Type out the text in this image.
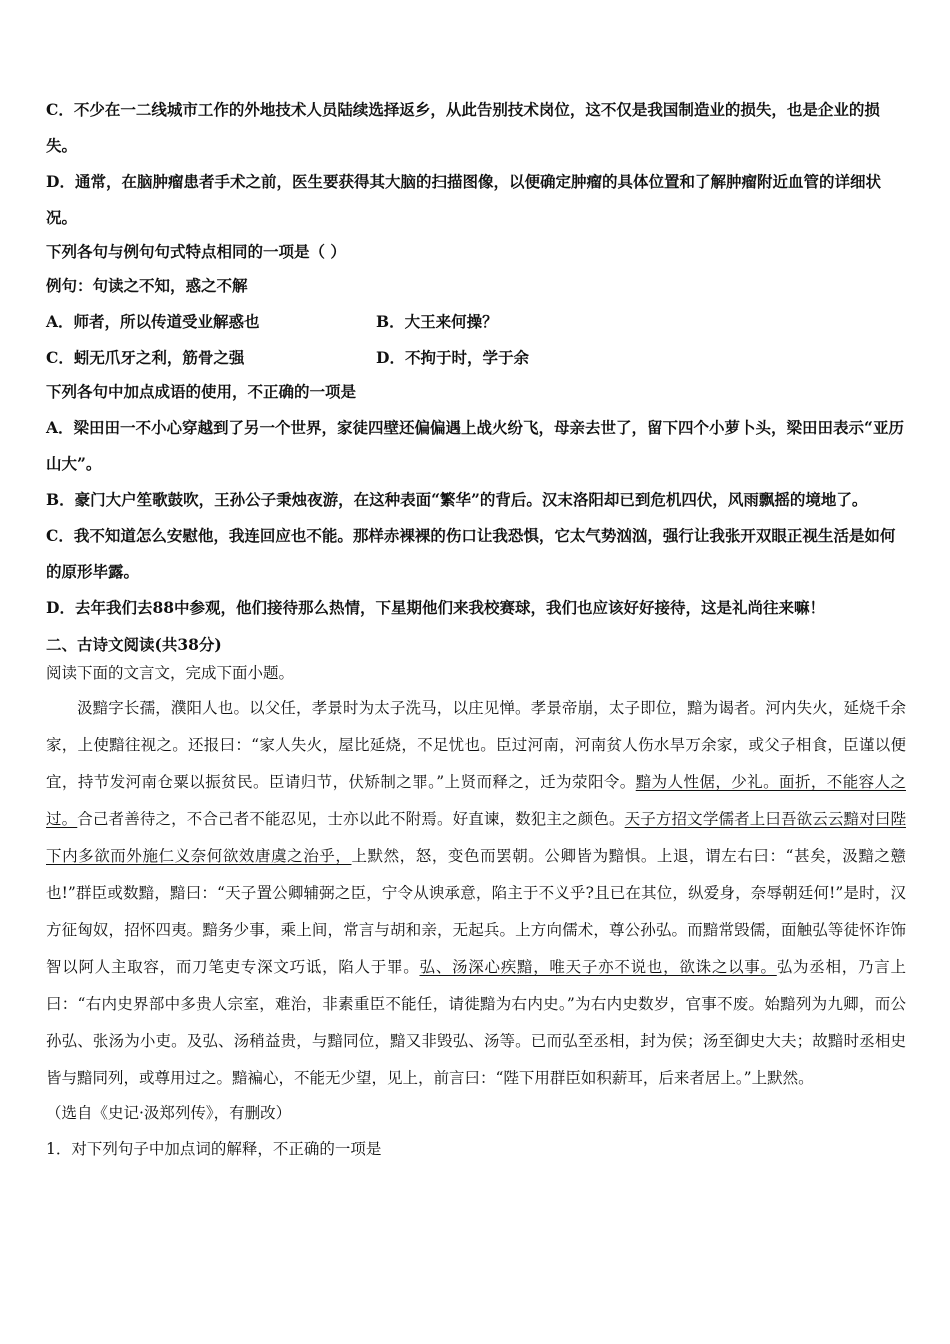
C．不少在一二线城市工作的外地技术人员陆续选择返乡，从此告别技术岗位，这不仅是我国制造业的损失，也是企业的损失。
D．通常，在脑肿瘤患者手术之前，医生要获得其大脑的扫描图像，以便确定肿瘤的具体位置和了解肿瘤附近血管的详细状况。
下列各句与例句句式特点相同的一项是（ ）
例句：句读之不知，惑之不解
A．师者，所以传道受业解惑也	B．大王来何操？
C．蚓无爪牙之利，筋骨之强	D．不拘于时，学于余
下列各句中加点成语的使用，不正确的一项是
A．梁田田一不小心穿越到了另一个世界，家徒四壁还偏偏遇上战火纷飞，母亲去世了，留下四个小萝卜头，梁田田表示“亚历山大”。
B．豪门大户笙歌鼓吹，王孙公子秉烛夜游，在这种表面“繁华”的背后。汉末洛阳却已到危机四伏，风雨飘摇的境地了。
C．我不知道怎么安慰他，我连回应也不能。那样赤裸裸的伤口让我恐惧，它太气势汹汹，强行让我张开双眼正视生活是如何的原形毕露。
D．去年我们去88中参观，他们接待那么热情，下星期他们来我校赛球，我们也应该好好接待，这是礼尚往来嘛！
二、古诗文阅读(共38分)
阅读下面的文言文，完成下面小题。
汲黯字长孺，濮阳人也。以父任，孝景时为太子洗马，以庄见惮。孝景帝崩，太子即位，黯为谒者。河内失火，延烧千余家，上使黯往视之。还报曰：“家人失火，屋比延烧，不足忧也。臣过河南，河南贫人伤水旱万余家，或父子相食，臣谨以便宜，持节发河南仓粟以振贫民。臣请归节，伏矫制之罪。”上贤而释之，迁为荥阳令。黯为人性倨，少礼。面折，不能容人之过。合己者善待之，不合己者不能忍见，士亦以此不附焉。好直谏，数犯主之颜色。天子方招文学儒者上曰吾欲云云黯对曰陛下内多欲而外施仁义奈何欲效唐虞之治乎，上默然，怒，变色而罢朝。公卿皆为黯惧。上退，谓左右曰：“甚矣，汲黯之戆也!”群臣或数黯，黯曰：“天子置公卿辅弼之臣，宁令从谀承意，陷主于不义乎?且已在其位，纵爱身，奈辱朝廷何!”是时，汉方征匈奴，招怀四夷。黯务少事，乘上间，常言与胡和亲，无起兵。上方向儒术，尊公孙弘。而黯常毁儒，面触弘等徒怀诈饰智以阿人主取容，而刀笔吏专深文巧诋，陷人于罪。弘、汤深心疾黯，唯天子亦不说也，欲诛之以事。弘为丞相，乃言上曰：“右内史界部中多贵人宗室，难治，非素重臣不能任，请徙黯为右内史。”为右内史数岁，官事不废。始黯列为九卿，而公孙弘、张汤为小吏。及弘、汤稍益贵，与黯同位，黯又非毁弘、汤等。已而弘至丞相，封为侯；汤至御史大夫；故黯时丞相史皆与黯同列，或尊用过之。黯褊心，不能无少望，见上，前言曰：“陛下用群臣如积薪耳，后来者居上。”上默然。
（选自《史记·汲郑列传》，有删改）
1．对下列句子中加点词的解释，不正确的一项是
